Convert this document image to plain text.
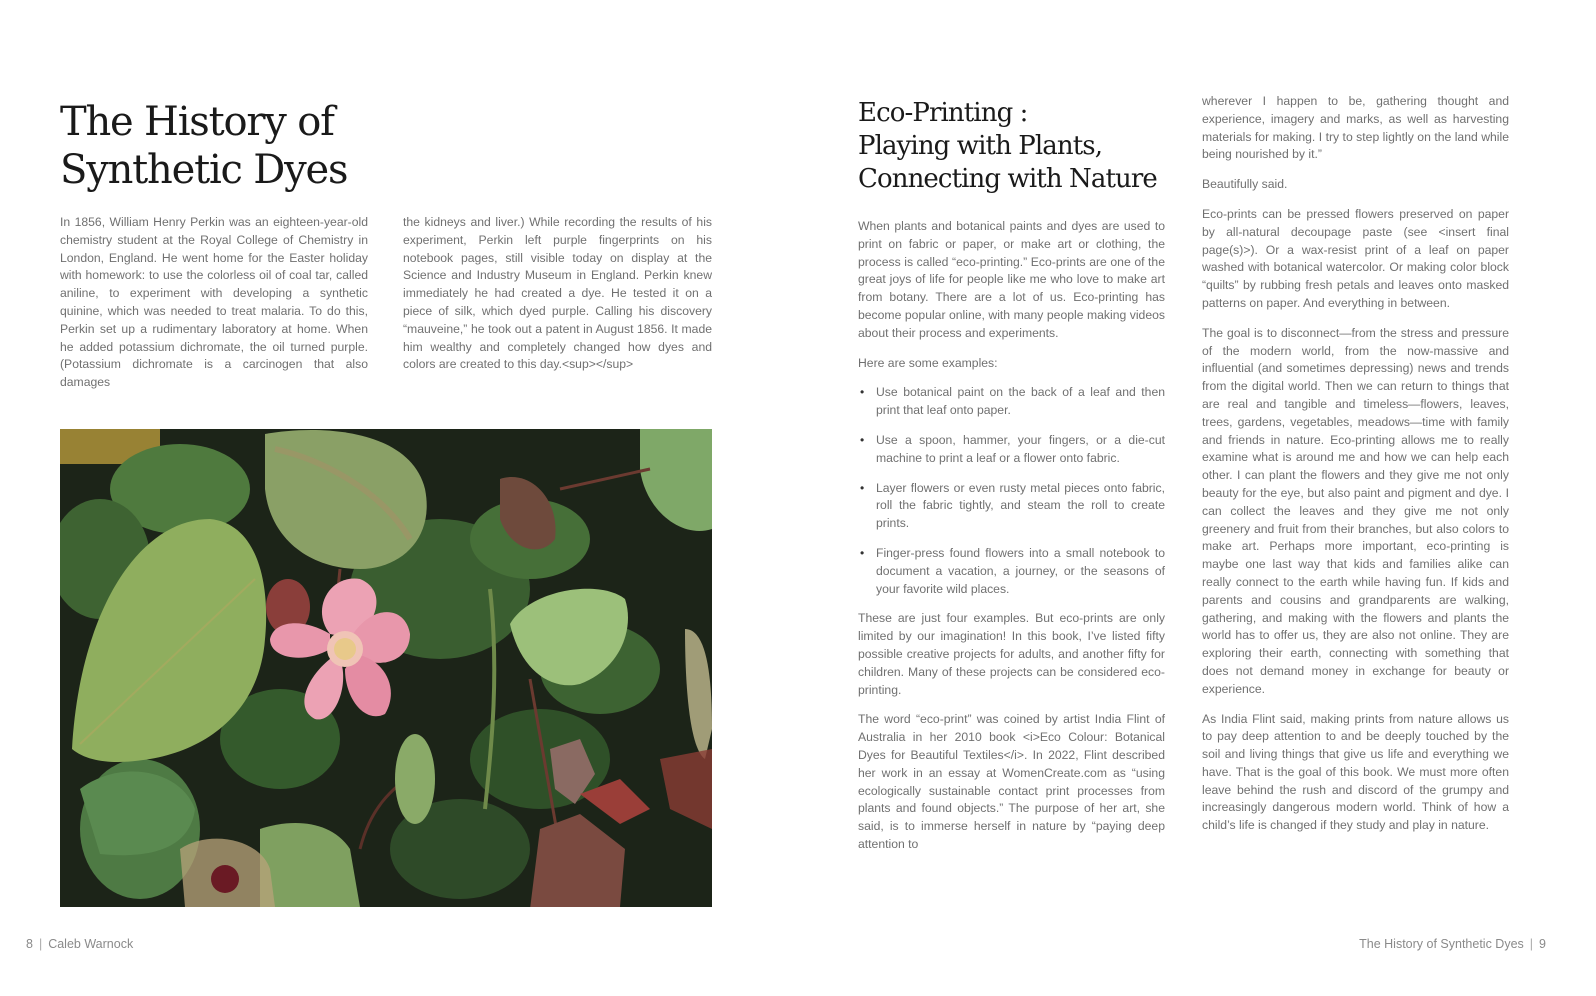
The History of
Synthetic Dyes

In 1856, William Henry Perkin was an eighteen-year-old chemistry student at the Royal College of Chemistry in London, England. He went home for the Easter holiday with homework: to use the colorless oil of coal tar, called aniline, to experiment with developing a synthetic quinine, which was needed to treat malaria. To do this, Perkin set up a rudimentary laboratory at home. When he added potassium dichromate, the oil turned purple. (Potassium dichromate is a carcinogen that also damages

the kidneys and liver.) While recording the results of his experiment, Perkin left purple fingerprints on his notebook pages, still visible today on display at the Science and Industry Museum in England. Perkin knew immediately he had created a dye. He tested it on a piece of silk, which dyed purple. Calling his discovery “mauveine,” he took out a patent in August 1856. It made him wealthy and completely changed how dyes and colors are created to this day.<sup></sup>

8 | Caleb Warnock
Eco-Printing :
Playing with Plants,
Connecting with Nature

When plants and botanical paints and dyes are used to print on fabric or paper, or make art or clothing, the process is called “eco-printing.” Eco-prints are one of the great joys of life for people like me who love to make art from botany. There are a lot of us. Eco-printing has become popular online, with many people making videos about their process and experiments.

Here are some examples:

• Use botanical paint on the back of a leaf and then print that leaf onto paper.
• Use a spoon, hammer, your fingers, or a die-cut machine to print a leaf or a flower onto fabric.
• Layer flowers or even rusty metal pieces onto fabric, roll the fabric tightly, and steam the roll to create prints.
• Finger-press found flowers into a small notebook to document a vacation, a journey, or the seasons of your favorite wild places.

These are just four examples. But eco-prints are only limited by our imagination! In this book, I’ve listed fifty possible creative projects for adults, and another fifty for children. Many of these projects can be considered eco-printing.

The word “eco-print” was coined by artist India Flint of Australia in her 2010 book <i>Eco Colour: Botanical Dyes for Beautiful Textiles</i>. In 2022, Flint described her work in an essay at WomenCreate.com as “using ecologically sustainable contact print processes from plants and found objects.” The purpose of her art, she said, is to immerse herself in nature by “paying deep attention to

wherever I happen to be, gathering thought and experience, imagery and marks, as well as harvesting materials for making. I try to step lightly on the land while being nourished by it.”

Beautifully said.

Eco-prints can be pressed flowers preserved on paper by all-natural decoupage paste (see <insert final page(s)>). Or a wax-resist print of a leaf on paper washed with botanical watercolor. Or making color block “quilts” by rubbing fresh petals and leaves onto masked patterns on paper. And everything in between.

The goal is to disconnect—from the stress and pressure of the modern world, from the now-massive and influential (and sometimes depressing) news and trends from the digital world. Then we can return to things that are real and tangible and timeless—flowers, leaves, trees, gardens, vegetables, meadows—time with family and friends in nature. Eco-printing allows me to really examine what is around me and how we can help each other. I can plant the flowers and they give me not only beauty for the eye, but also paint and pigment and dye. I can collect the leaves and they give me not only greenery and fruit from their branches, but also colors to make art. Perhaps more important, eco-printing is maybe one last way that kids and families alike can really connect to the earth while having fun. If kids and parents and cousins and grandparents are walking, gathering, and making with the flowers and plants the world has to offer us, they are also not online. They are exploring their earth, connecting with something that does not demand money in exchange for beauty or experience.

As India Flint said, making prints from nature allows us to pay deep attention to and be deeply touched by the soil and living things that give us life and everything we have. That is the goal of this book. We must more often leave behind the rush and discord of the grumpy and increasingly dangerous modern world. Think of how a child’s life is changed if they study and play in nature.

The History of Synthetic Dyes | 9
